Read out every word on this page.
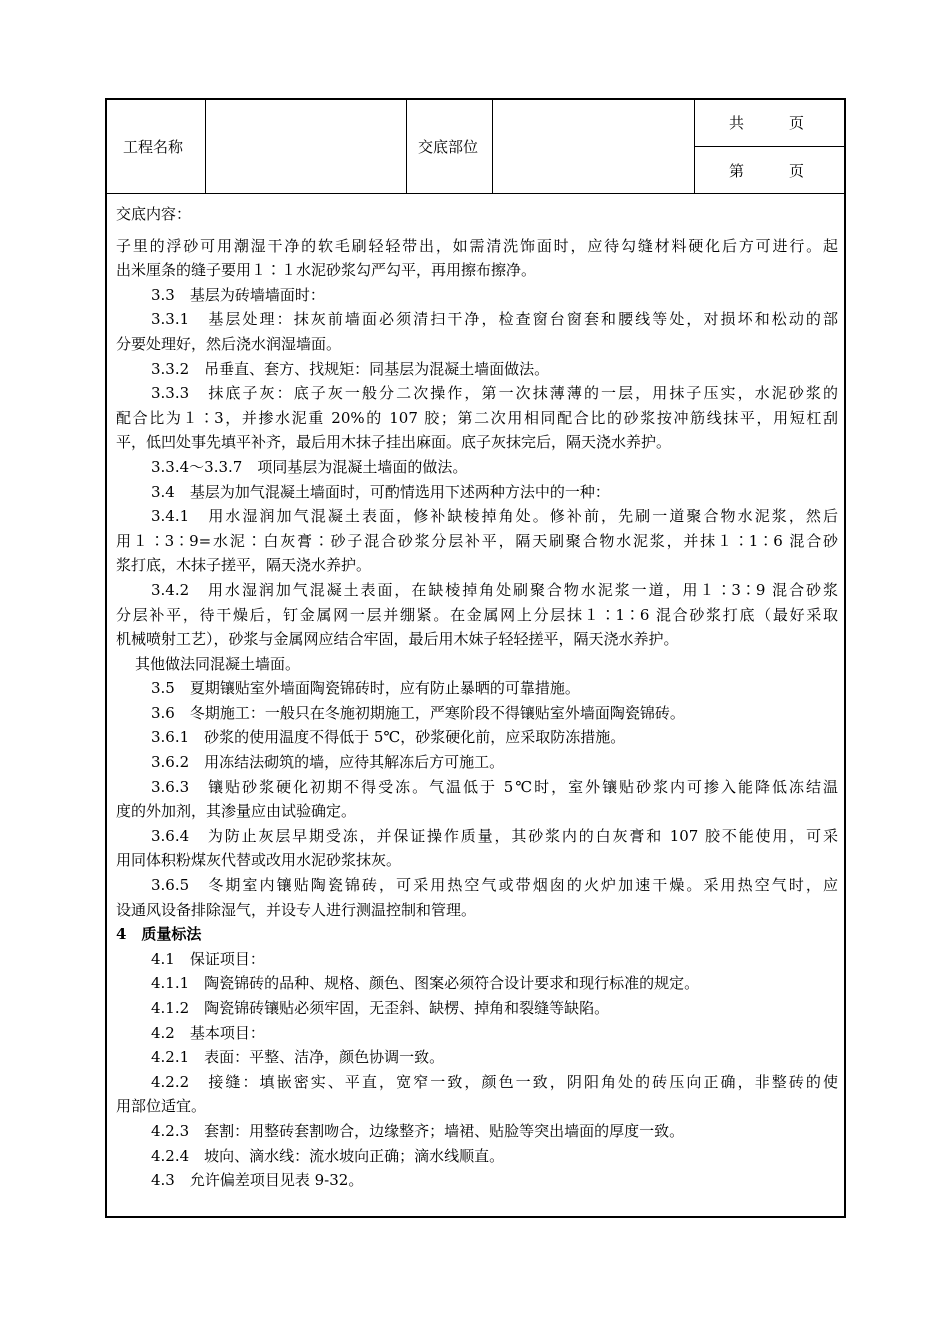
工程名称	交底部位
共　　　页
第　　　页
交底内容：
子里的浮砂可用潮湿干净的软毛刷轻轻带出，如需清洗饰面时，应待勾缝材料硬化后方可进行。起
出米厘条的缝子要用１∶１水泥砂浆勾严勾平，再用擦布擦净。
3.3　基层为砖墙墙面时：
3.3.1　基层处理：抹灰前墙面必须清扫干净，检查窗台窗套和腰线等处，对损坏和松动的部
分要处理好，然后浇水润湿墙面。
3.3.2　吊垂直、套方、找规矩：同基层为混凝土墙面做法。
3.3.3　抹底子灰：底子灰一般分二次操作，第一次抹薄薄的一层，用抹子压实，水泥砂浆的
配合比为１∶3，并掺水泥重 20%的 107 胶；第二次用相同配合比的砂浆按冲筋线抹平，用短杠刮
平，低凹处事先填平补齐，最后用木抹子挂出麻面。底子灰抹完后，隔天浇水养护。
3.3.4～3.3.7　项同基层为混凝土墙面的做法。
3.4　基层为加气混凝土墙面时，可酌情选用下述两种方法中的一种：
3.4.1　用水湿润加气混凝土表面，修补缺棱掉角处。修补前，先刷一道聚合物水泥浆，然后
用１∶3∶9=水泥∶白灰膏∶砂子混合砂浆分层补平，隔天刷聚合物水泥浆，并抹１∶1∶6 混合砂
浆打底，木抹子搓平，隔天浇水养护。
3.4.2　用水湿润加气混凝土表面，在缺棱掉角处刷聚合物水泥浆一道，用１∶3∶9 混合砂浆
分层补平，待干燥后，钉金属网一层并绷紧。在金属网上分层抹１∶1∶6 混合砂浆打底（最好采取
机械喷射工艺），砂浆与金属网应结合牢固，最后用木妹子轻轻搓平，隔天浇水养护。
其他做法同混凝土墙面。
3.5　夏期镶贴室外墙面陶瓷锦砖时，应有防止暴晒的可靠措施。
3.6　冬期施工：一般只在冬施初期施工，严寒阶段不得镶贴室外墙面陶瓷锦砖。
3.6.1　砂浆的使用温度不得低于 5℃，砂浆硬化前，应采取防冻措施。
3.6.2　用冻结法砌筑的墙，应待其解冻后方可施工。
3.6.3　镶贴砂浆硬化初期不得受冻。气温低于 5℃时，室外镶贴砂浆内可掺入能降低冻结温
度的外加剂，其渗量应由试验确定。
3.6.4　为防止灰层早期受冻，并保证操作质量，其砂浆内的白灰膏和 107 胶不能使用，可采
用同体积粉煤灰代替或改用水泥砂浆抹灰。
3.6.5　冬期室内镶贴陶瓷锦砖，可采用热空气或带烟囱的火炉加速干燥。采用热空气时，应
设通风设备排除湿气，并设专人进行测温控制和管理。
4　质量标法
4.1　保证项目：
4.1.1　陶瓷锦砖的品种、规格、颜色、图案必须符合设计要求和现行标准的规定。
4.1.2　陶瓷锦砖镶贴必须牢固，无歪斜、缺楞、掉角和裂缝等缺陷。
4.2　基本项目：
4.2.1　表面：平整、洁净，颜色协调一致。
4.2.2　接缝：填嵌密实、平直，宽窄一致，颜色一致，阴阳角处的砖压向正确，非整砖的使
用部位适宜。
4.2.3　套割：用整砖套割吻合，边缘整齐；墙裙、贴脸等突出墙面的厚度一致。
4.2.4　坡向、滴水线：流水坡向正确；滴水线顺直。
4.3　允许偏差项目见表 9-32。
